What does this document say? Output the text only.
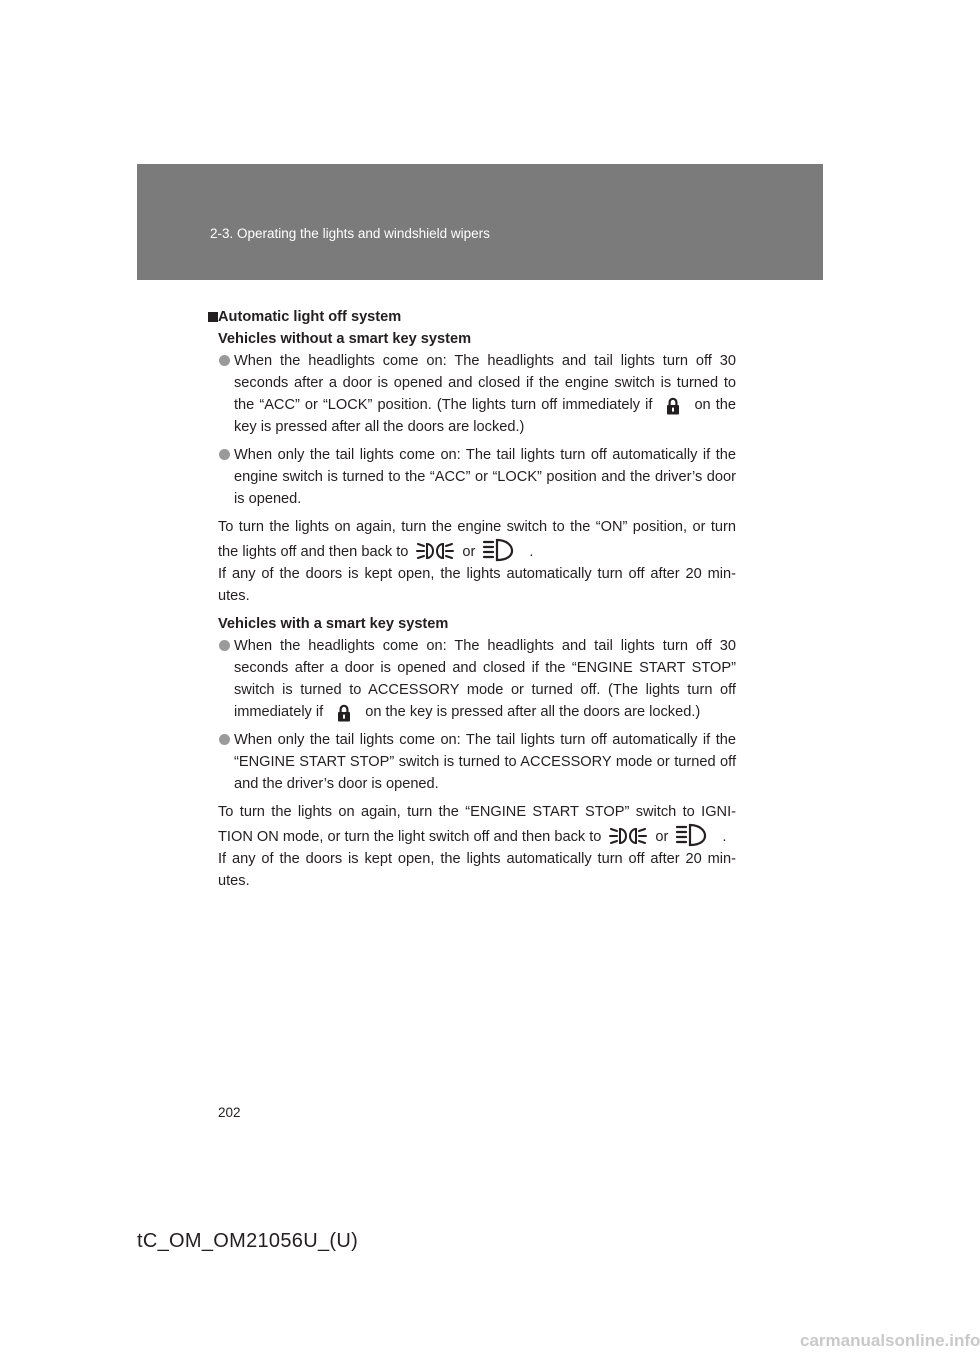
2-3. Operating the lights and windshield wipers

Automatic light off system

Vehicles without a smart key system

When the headlights come on: The headlights and tail lights turn off 30 seconds after a door is opened and closed if the engine switch is turned to the “ACC” or “LOCK” position. (The lights turn off immediately if	on the key is pressed after all the doors are locked.)

When only the tail lights come on: The tail lights turn off automatically if the engine switch is turned to the “ACC” or “LOCK” position and the driver’s door is opened.

To turn the lights on again, turn the engine switch to the “ON” position, or turn the lights off and then back to	or	.

If any of the doors is kept open, the lights automatically turn off after 20 min-utes.

Vehicles with a smart key system

When the headlights come on: The headlights and tail lights turn off 30 seconds after a door is opened and closed if the “ENGINE START STOP” switch is turned to ACCESSORY mode or turned off. (The lights turn off immediately if	on the key is pressed after all the doors are locked.)

When only the tail lights come on: The tail lights turn off automatically if the “ENGINE START STOP” switch is turned to ACCESSORY mode or turned off and the driver’s door is opened.

To turn the lights on again, turn the “ENGINE START STOP” switch to IGNI-TION ON mode, or turn the light switch off and then back to	or	.

If any of the doors is kept open, the lights automatically turn off after 20 min-utes.

202
tC_OM_OM21056U_(U)
carmanualsonline.info
